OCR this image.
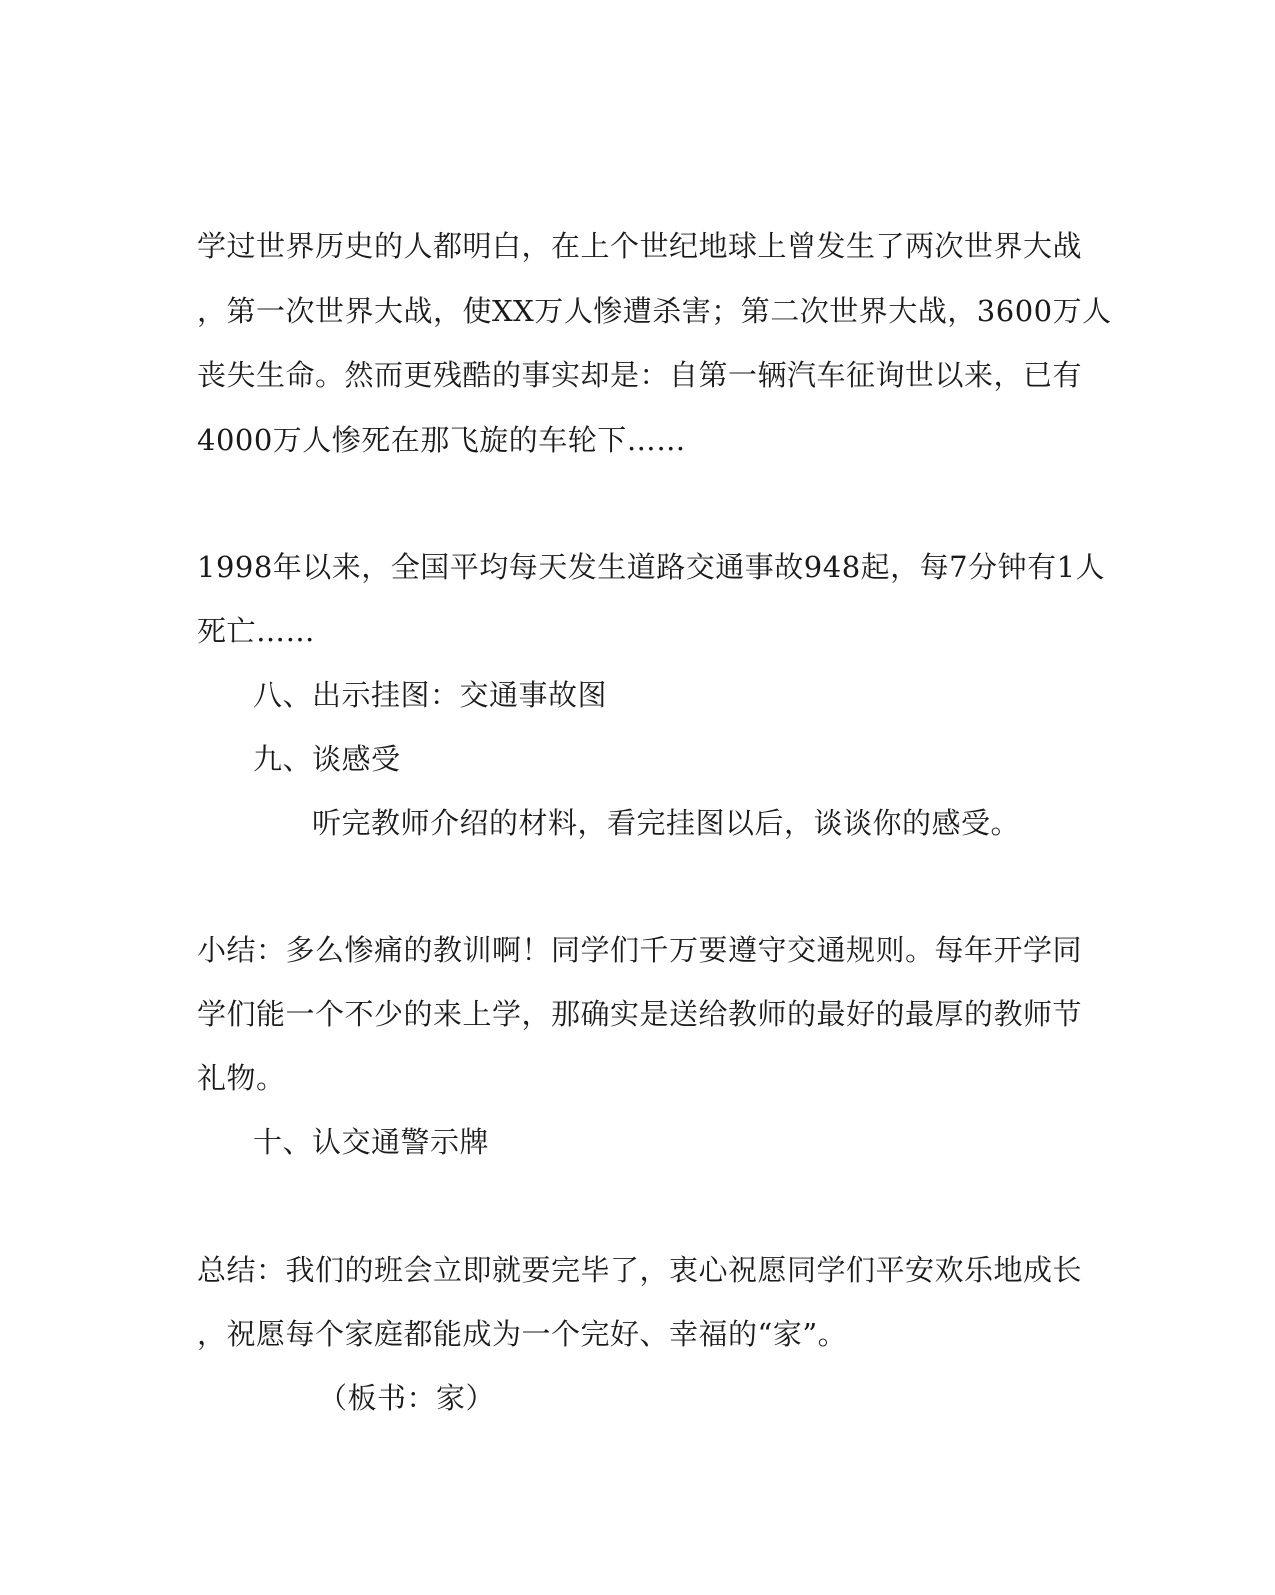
学过世界历史的人都明白，在上个世纪地球上曾发生了两次世界大战
，第一次世界大战，使XX万人惨遭杀害；第二次世界大战，3600万人
丧失生命。然而更残酷的事实却是：自第一辆汽车征询世以来，已有
4000万人惨死在那飞旋的车轮下……
1998年以来，全国平均每天发生道路交通事故948起，每7分钟有1人
死亡……
八、出示挂图：交通事故图
九、谈感受
听完教师介绍的材料，看完挂图以后，谈谈你的感受。
小结：多么惨痛的教训啊！同学们千万要遵守交通规则。每年开学同
学们能一个不少的来上学，那确实是送给教师的最好的最厚的教师节
礼物。
十、认交通警示牌
总结：我们的班会立即就要完毕了，衷心祝愿同学们平安欢乐地成长
，祝愿每个家庭都能成为一个完好、幸福的“家”。
（板书：家）
